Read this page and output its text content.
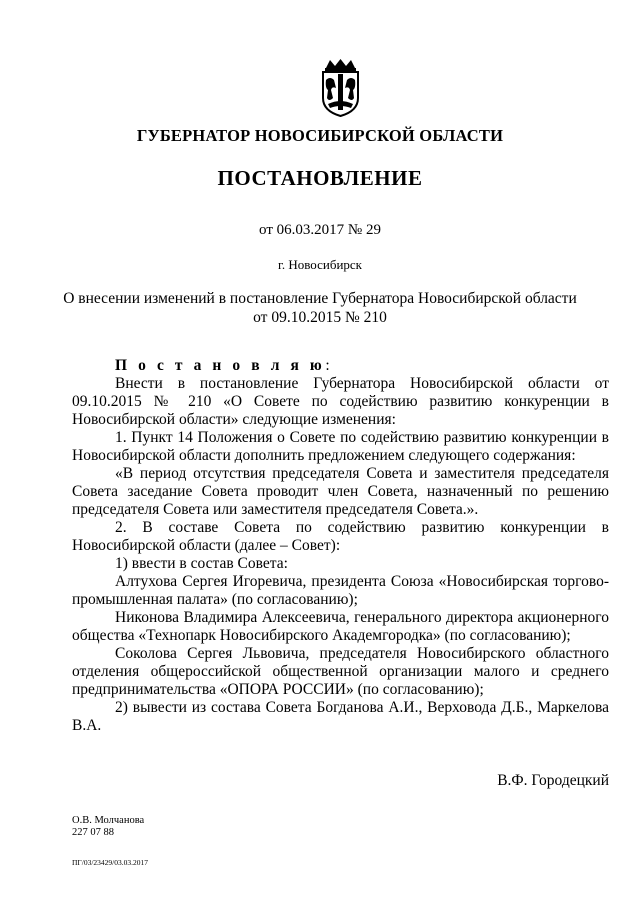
ГУБЕРНАТОР НОВОСИБИРСКОЙ ОБЛАСТИ
ПОСТАНОВЛЕНИЕ
от 06.03.2017 № 29
г. Новосибирск
О внесении изменений в постановление Губернатора Новосибирской области
от 09.10.2015 № 210

П о с т а н о в л я ю:

Внести в постановление Губернатора Новосибирской области от 09.10.2015 № 210 «О Совете по содействию развитию конкуренции в Новосибирской области» следующие изменения:

1. Пункт 14 Положения о Совете по содействию развитию конкуренции в Новосибирской области дополнить предложением следующего содержания:

«В период отсутствия председателя Совета и заместителя председателя Совета заседание Совета проводит член Совета, назначенный по решению председателя Совета или заместителя председателя Совета.».

2. В составе Совета по содействию развитию конкуренции в Новосибирской области (далее – Совет):

1) ввести в состав Совета:

Алтухова Сергея Игоревича, президента Союза «Новосибирская торгово-промышленная палата» (по согласованию);

Никонова Владимира Алексеевича, генерального директора акционерного общества «Технопарк Новосибирского Академгородка» (по согласованию);

Соколова Сергея Львовича, председателя Новосибирского областного отделения общероссийской общественной организации малого и среднего предпринимательства «ОПОРА РОССИИ» (по согласованию);

2) вывести из состава Совета Богданова А.И., Верховода Д.Б., Маркелова В.А.

В.Ф. Городецкий
О.В. Молчанова
227 07 88
ПГ/03/23429/03.03.2017
